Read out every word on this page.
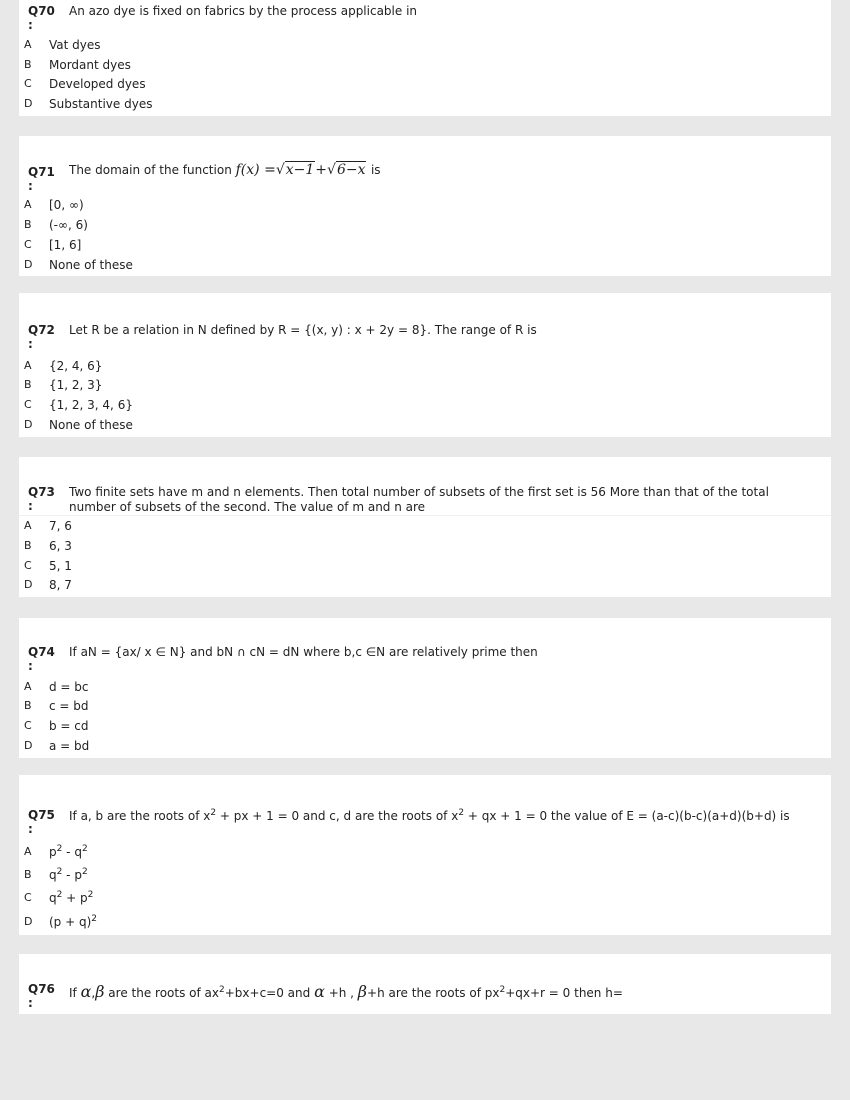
Q70
:
An azo dye is fixed on fabrics by the process applicable in
A Vat dyes
B Mordant dyes
C Developed dyes
D Substantive dyes
Q71
:
The domain of the function f(x) =√x−1+√6−x is
A [0, ∞)
B (-∞, 6)
C [1, 6]
D None of these
Q72
:
Let R be a relation in N defined by R = {(x, y) : x + 2y = 8}. The range of R is
A {2, 4, 6}
B {1, 2, 3}
C {1, 2, 3, 4, 6}
D None of these
Q73
:
Two finite sets have m and n elements. Then total number of subsets of the first set is 56 More than that of the total number of subsets of the second. The value of m and n are
A 7, 6
B 6, 3
C 5, 1
D 8, 7
Q74
:
If aN = {ax/ x ∈ N} and bN ∩ cN = dN where b,c ∈N are relatively prime then
A d = bc
B c = bd
C b = cd
D a = bd
Q75
:
If a, b are the roots of $x^2$ + px + 1 = 0 and c, d are the roots of $x^2$ + qx + 1 = 0 the value of E = (a-c)(b-c)(a+d)(b+d) is
A $p^2 - q^2$
B $q^2 - p^2$
C $q^2 + p^2$
D $(p + q)^2$
Q76
:
If α,β are the roots of $ax^2+bx+c=0$ and α +h , β+h are the roots of $px^2+qx+r = 0$ then h=
